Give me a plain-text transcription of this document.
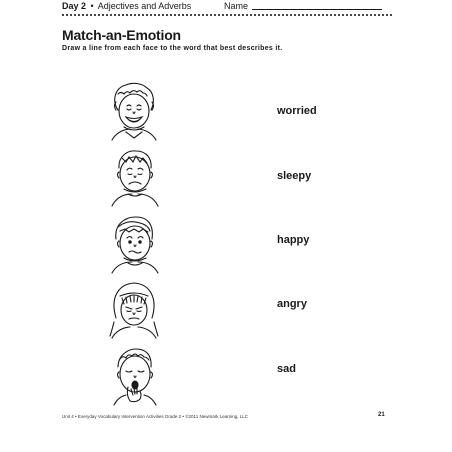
Day 2 • Adjectives and Adverbs	Name
Match-an-Emotion
Draw a line from each face to the word that best describes it.
worried
sleepy
happy
angry
sad
Unit 4 • Everyday Vocabulary Intervention Activities Grade 2 • ©2011 Newmark Learning, LLC	21
